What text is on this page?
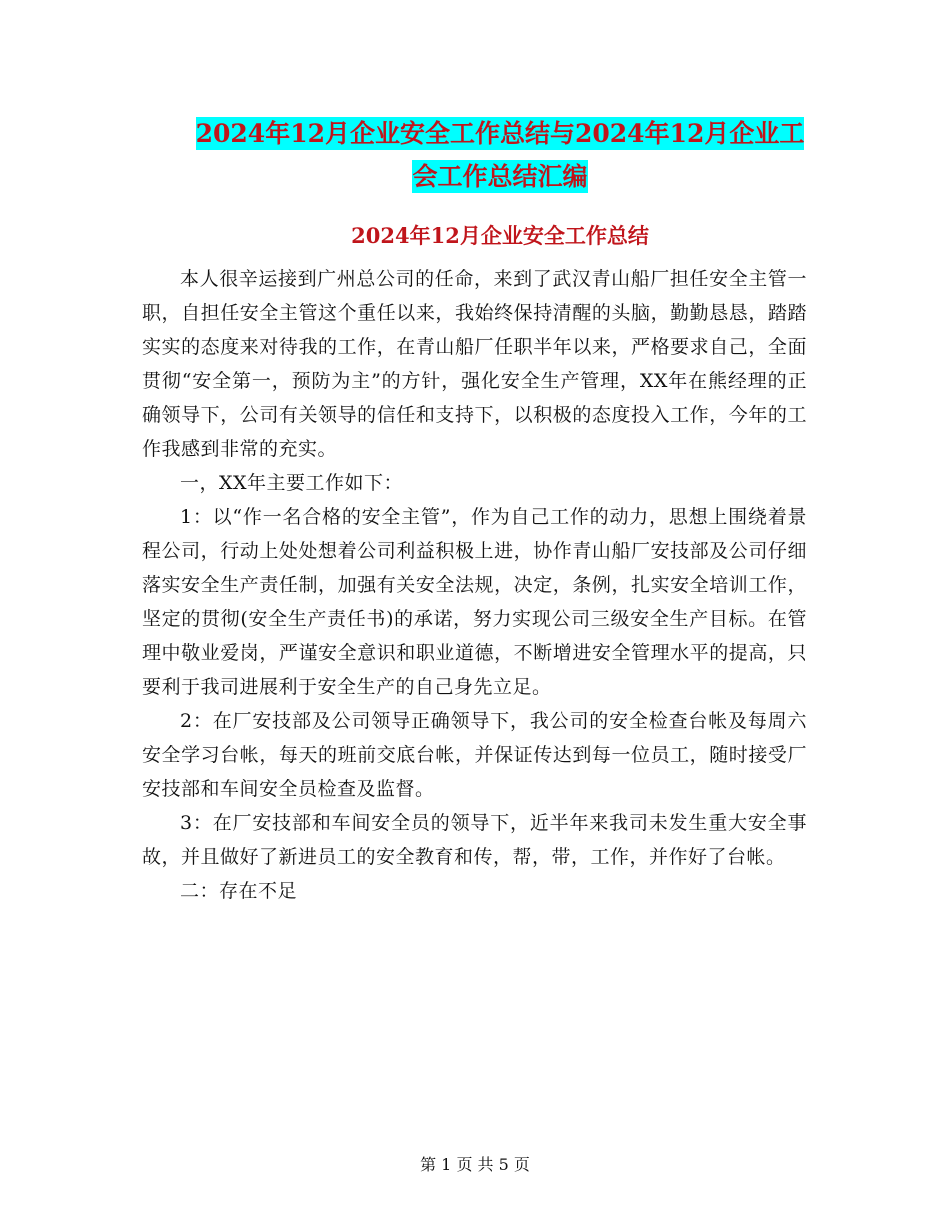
2024年12月企业安全工作总结与2024年12月企业工
会工作总结汇编
2024年12月企业安全工作总结

本人很辛运接到广州总公司的任命，来到了武汉青山船厂担任安全主管一职，自担任安全主管这个重任以来，我始终保持清醒的头脑，勤勤恳恳，踏踏实实的态度来对待我的工作，在青山船厂任职半年以来，严格要求自己，全面贯彻“安全第一，预防为主”的方针，强化安全生产管理，XX年在熊经理的正确领导下，公司有关领导的信任和支持下，以积极的态度投入工作，今年的工作我感到非常的充实。

一，XX年主要工作如下：

1：以“作一名合格的安全主管”，作为自己工作的动力，思想上围绕着景程公司，行动上处处想着公司利益积极上进，协作青山船厂安技部及公司仔细落实安全生产责任制，加强有关安全法规，决定，条例，扎实安全培训工作，坚定的贯彻(安全生产责任书)的承诺，努力实现公司三级安全生产目标。在管理中敬业爱岗，严谨安全意识和职业道德，不断增进安全管理水平的提高，只要利于我司进展利于安全生产的自己身先立足。

2：在厂安技部及公司领导正确领导下，我公司的安全检查台帐及每周六安全学习台帐，每天的班前交底台帐，并保证传达到每一位员工，随时接受厂安技部和车间安全员检查及监督。

3：在厂安技部和车间安全员的领导下，近半年来我司未发生重大安全事故，并且做好了新进员工的安全教育和传，帮，带，工作，并作好了台帐。

二：存在不足

第 1 页 共 5 页
